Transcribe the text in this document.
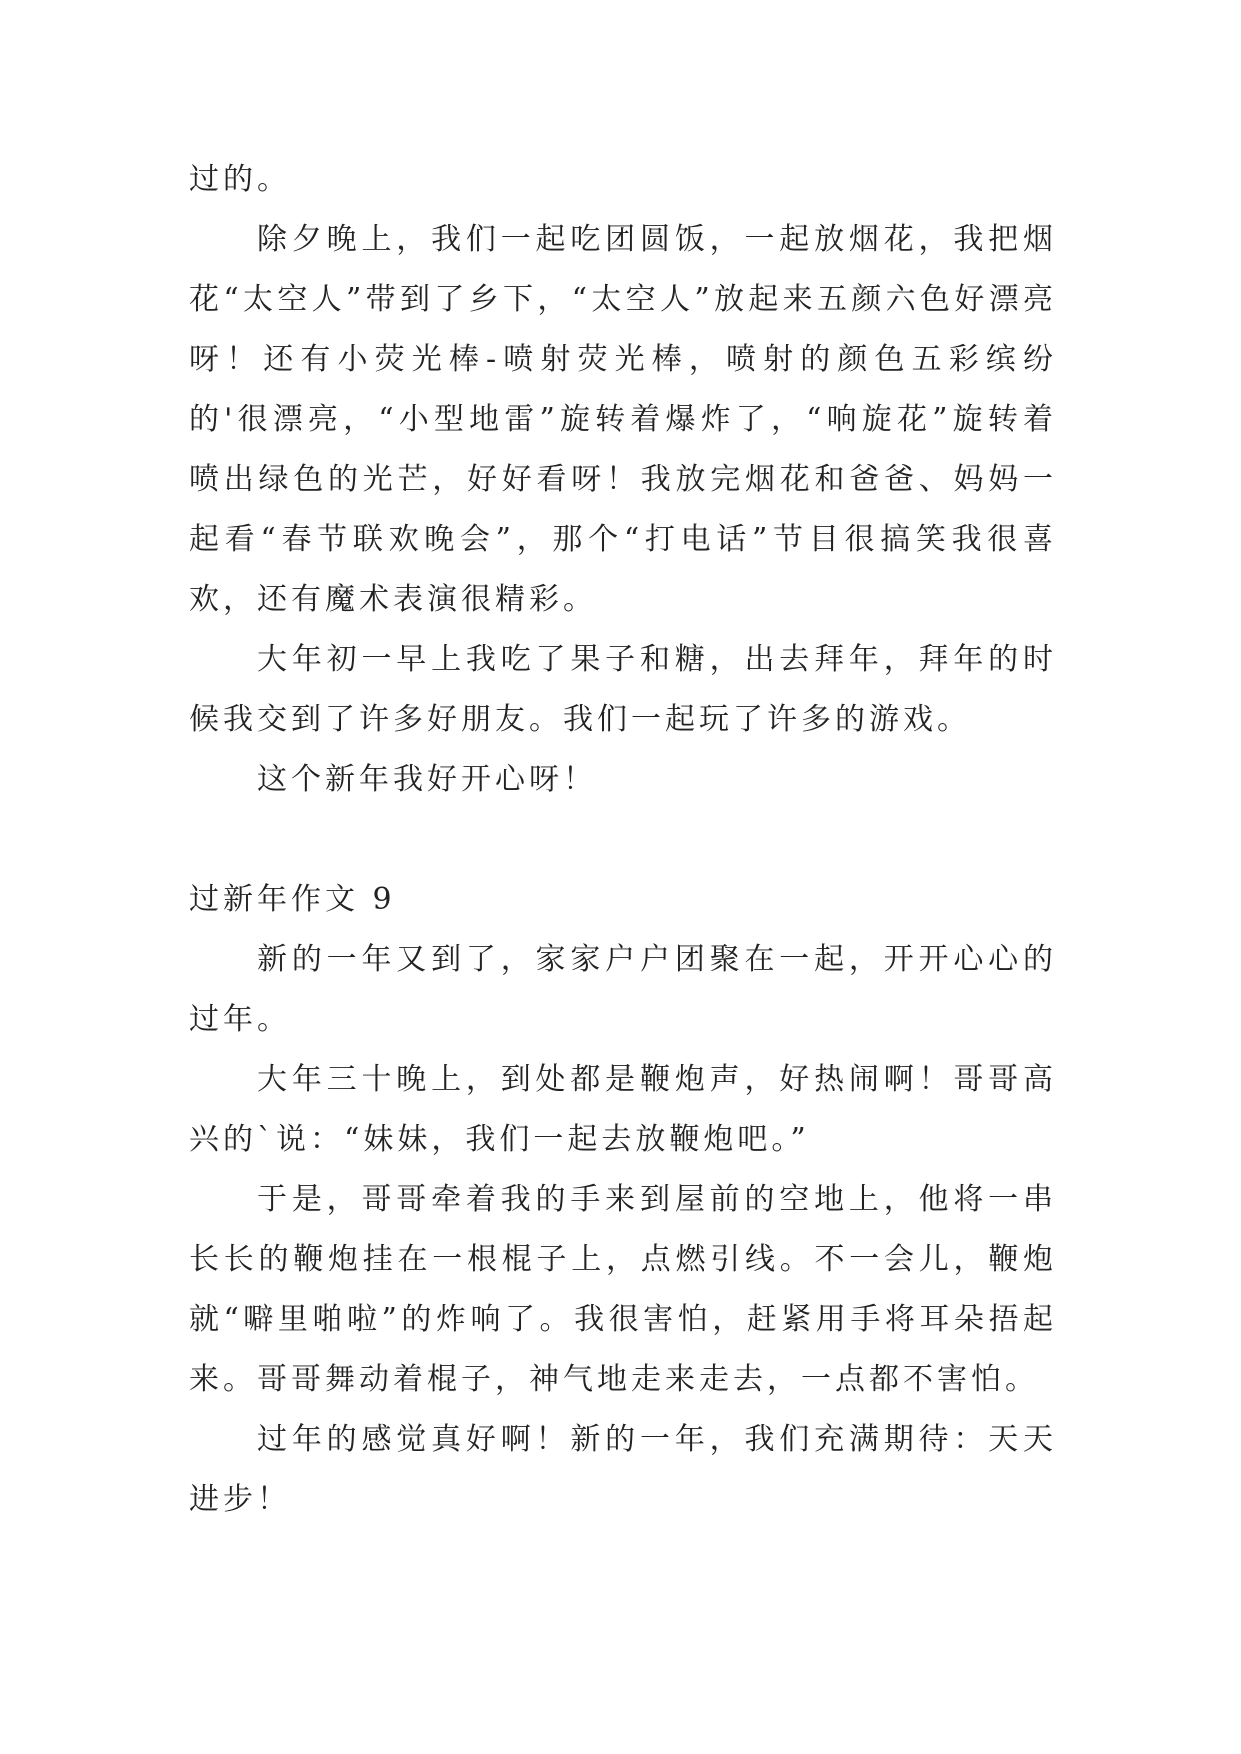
过的。

除夕晚上，我们一起吃团圆饭，一起放烟花，我把烟花“太空人”带到了乡下，“太空人”放起来五颜六色好漂亮呀！还有小荧光棒-喷射荧光棒，喷射的颜色五彩缤纷的'很漂亮，“小型地雷”旋转着爆炸了，“响旋花”旋转着喷出绿色的光芒，好好看呀！我放完烟花和爸爸、妈妈一起看“春节联欢晚会”，那个“打电话”节目很搞笑我很喜欢，还有魔术表演很精彩。

大年初一早上我吃了果子和糖，出去拜年，拜年的时候我交到了许多好朋友。我们一起玩了许多的游戏。

这个新年我好开心呀！

过新年作文 9

新的一年又到了，家家户户团聚在一起，开开心心的过年。

大年三十晚上，到处都是鞭炮声，好热闹啊！哥哥高兴的`说：“妹妹，我们一起去放鞭炮吧。”

于是，哥哥牵着我的手来到屋前的空地上，他将一串长长的鞭炮挂在一根棍子上，点燃引线。不一会儿，鞭炮就“噼里啪啦”的炸响了。我很害怕，赶紧用手将耳朵捂起来。哥哥舞动着棍子，神气地走来走去，一点都不害怕。

过年的感觉真好啊！新的一年，我们充满期待：天天进步！
